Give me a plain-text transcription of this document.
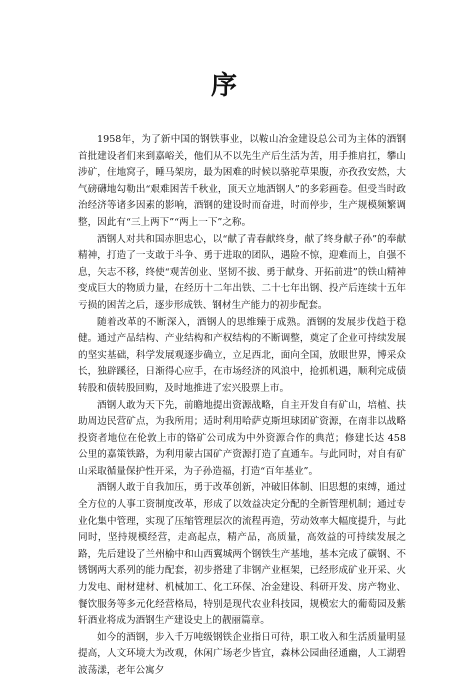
序

1958年，为了新中国的钢铁事业，以鞍山冶金建设总公司为主体的酒钢首批建设者们来到嘉峪关，他们从不以先生产后生活为苦，用手推肩扛，攀山涉矿，住地窝子，睡马架房，最为困难的时候以骆驼草果腹，亦孜孜安然，大气磅礴地勾勒出“艰难困苦千秋业，顶天立地酒钢人”的多彩画卷。但受当时政治经济等诸多因素的影响，酒钢的建设时而奋进，时而停步，生产规模频繁调整，因此有“三上两下”“两上一下”之称。

酒钢人对共和国赤胆忠心，以“献了青春献终身，献了终身献子孙”的奉献精神，打造了一支敢于斗争、勇于进取的团队，遇险不惊，迎难而上，自强不息，矢志不移，终使“观苦创业、坚韧不拔、勇于献身、开拓前进”的铁山精神变成巨大的物质力量，在经历十二年出铁、二十七年出钢、投产后连续十五年亏损的困苦之后，逐步形成铁、钢材生产能力的初步配套。

随着改革的不断深入，酒钢人的思维臻于成熟。酒钢的发展步伐趋于稳健。通过产品结构、产业结构和产权结构的不断调整，奠定了企业可持续发展的坚实基础，科学发展观逐步确立，立足西北，面向全国，放眼世界，博采众长，独辟蹊径，日渐得心应手，在市场经济的风浪中，抢抓机遇，顺利完成债转股和债转股回购，及时地推进了宏兴股票上市。

酒钢人敢为天下先，前瞻地提出资源战略，自主开发自有矿山，培植、扶助周边民营矿点，为我所用；适时利用哈萨克斯坦球团矿资源，在南非以战略投资者地位在伦敦上市的铬矿公司成为中外资源合作的典范；修建长达 458 公里的嘉策铁路，为利用蒙古国矿产资源打造了直通车。与此同时，对自有矿山采取循量保护性开采，为子孙造福，打造“百年基业”。

酒钢人敢于自我加压，勇于改革创新，冲破旧体制、旧思想的束缚，通过全方位的人事工资制度改革，形成了以效益决定分配的全新管理机制；通过专业化集中管理，实现了压缩管理层次的流程再造，劳动效率大幅度提升，与此同时，坚持规模经营，走高起点，精产品，高质量，高效益的可持续发展之路，先后建设了兰州榆中和山西翼城两个钢铁生产基地，基本完成了碳钢、不锈钢两大系列的能力配套，初步搭建了非钢产业框架，已经形成矿业开采、火力发电、耐材建材、机械加工、化工环保、冶金建设、科研开发、房产物业、餐饮服务等多元化经营格局，特别是现代农业科技园，规模宏大的葡萄园及紫轩酒业将成为酒钢生产建设史上的靓丽篇章。

如今的酒钢，步入千万吨级钢铁企业指日可待，职工收入和生活质量明显提高，人文环境大为改观，休闲广场老少皆宜，森林公园曲径通幽，人工湖碧波荡漾，老年公寓夕
